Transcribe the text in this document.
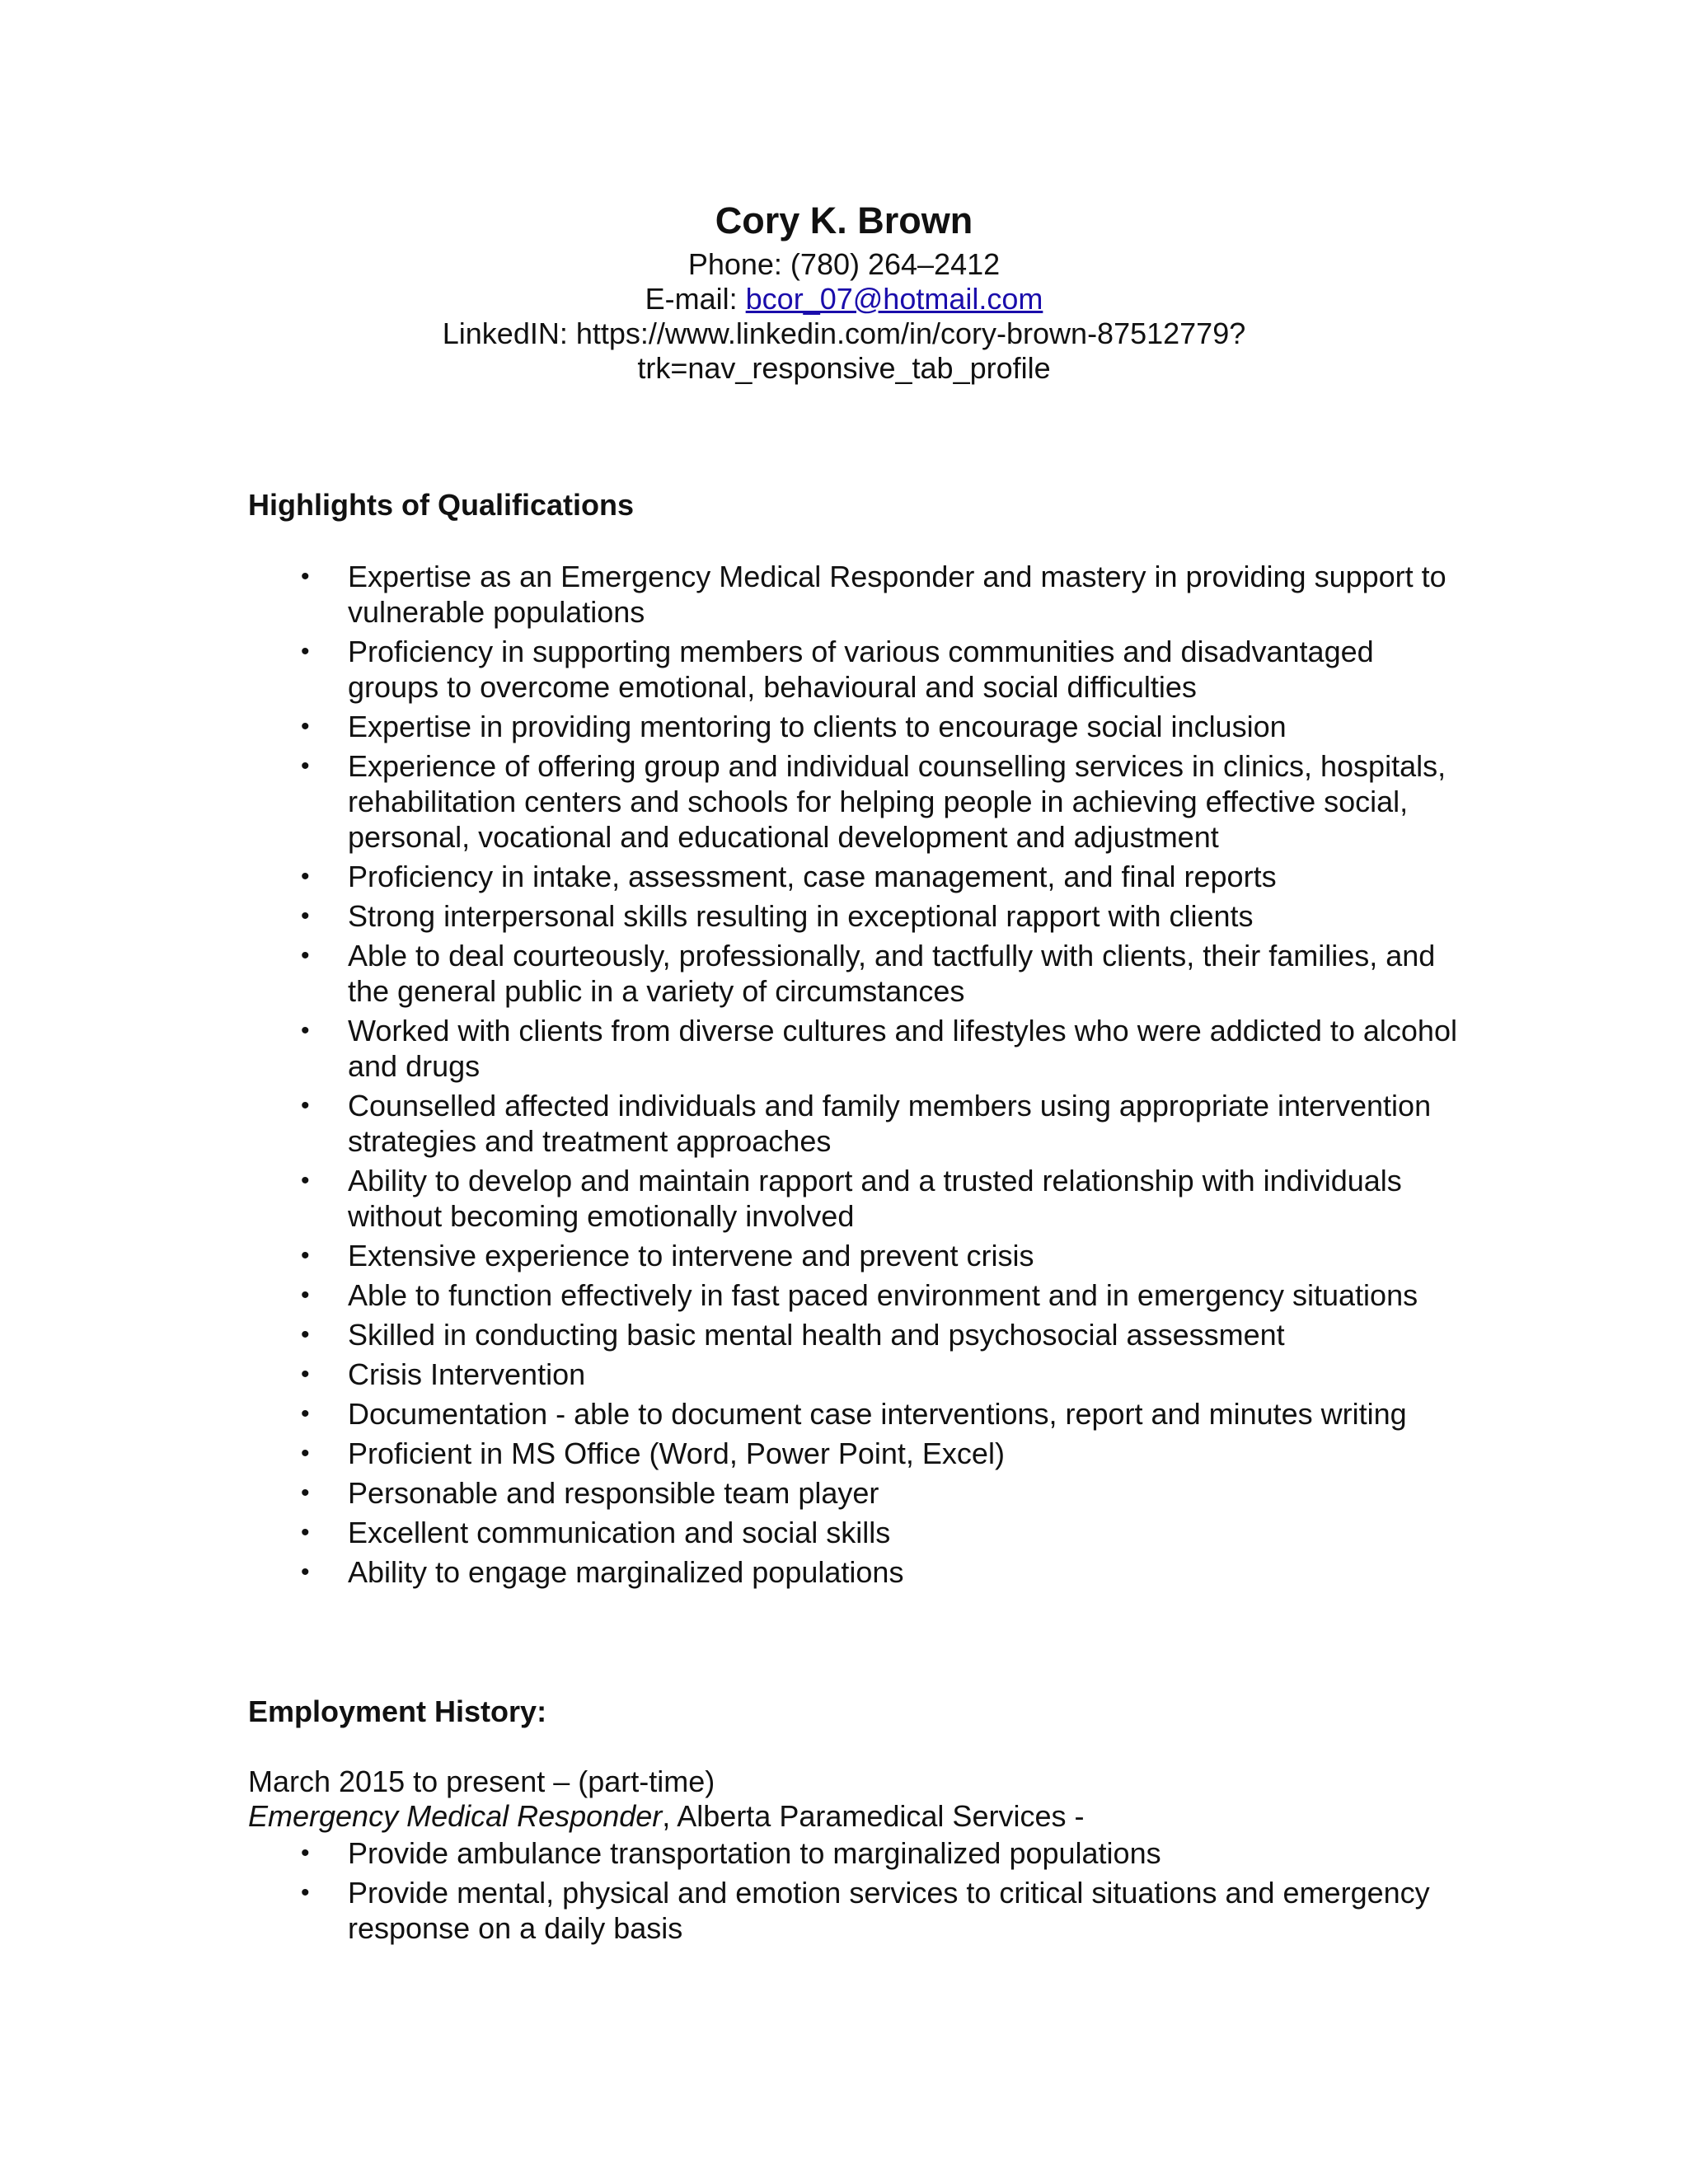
Cory K. Brown
Phone: (780) 264–2412
E-mail: bcor_07@hotmail.com
LinkedIN: https://www.linkedin.com/in/cory-brown-87512779?
trk=nav_responsive_tab_profile
Highlights of Qualifications
• Expertise as an Emergency Medical Responder and mastery in providing support to vulnerable populations
• Proficiency in supporting members of various communities and disadvantaged groups to overcome emotional, behavioural and social difficulties
• Expertise in providing mentoring to clients to encourage social inclusion
• Experience of offering group and individual counselling services in clinics, hospitals, rehabilitation centers and schools for helping people in achieving effective social, personal, vocational and educational development and adjustment
• Proficiency in intake, assessment, case management, and final reports
• Strong interpersonal skills resulting in exceptional rapport with clients
• Able to deal courteously, professionally, and tactfully with clients, their families, and the general public in a variety of circumstances
• Worked with clients from diverse cultures and lifestyles who were addicted to alcohol and drugs
• Counselled affected individuals and family members using appropriate intervention strategies and treatment approaches
• Ability to develop and maintain rapport and a trusted relationship with individuals without becoming emotionally involved
• Extensive experience to intervene and prevent crisis
• Able to function effectively in fast paced environment and in emergency situations
• Skilled in conducting basic mental health and psychosocial assessment
• Crisis Intervention
• Documentation - able to document case interventions, report and minutes writing
• Proficient in MS Office (Word, Power Point, Excel)
• Personable and responsible team player
• Excellent communication and social skills
• Ability to engage marginalized populations
Employment History:
March 2015 to present – (part-time)
Emergency Medical Responder, Alberta Paramedical Services -
• Provide ambulance transportation to marginalized populations
• Provide mental, physical and emotion services to critical situations and emergency response on a daily basis
